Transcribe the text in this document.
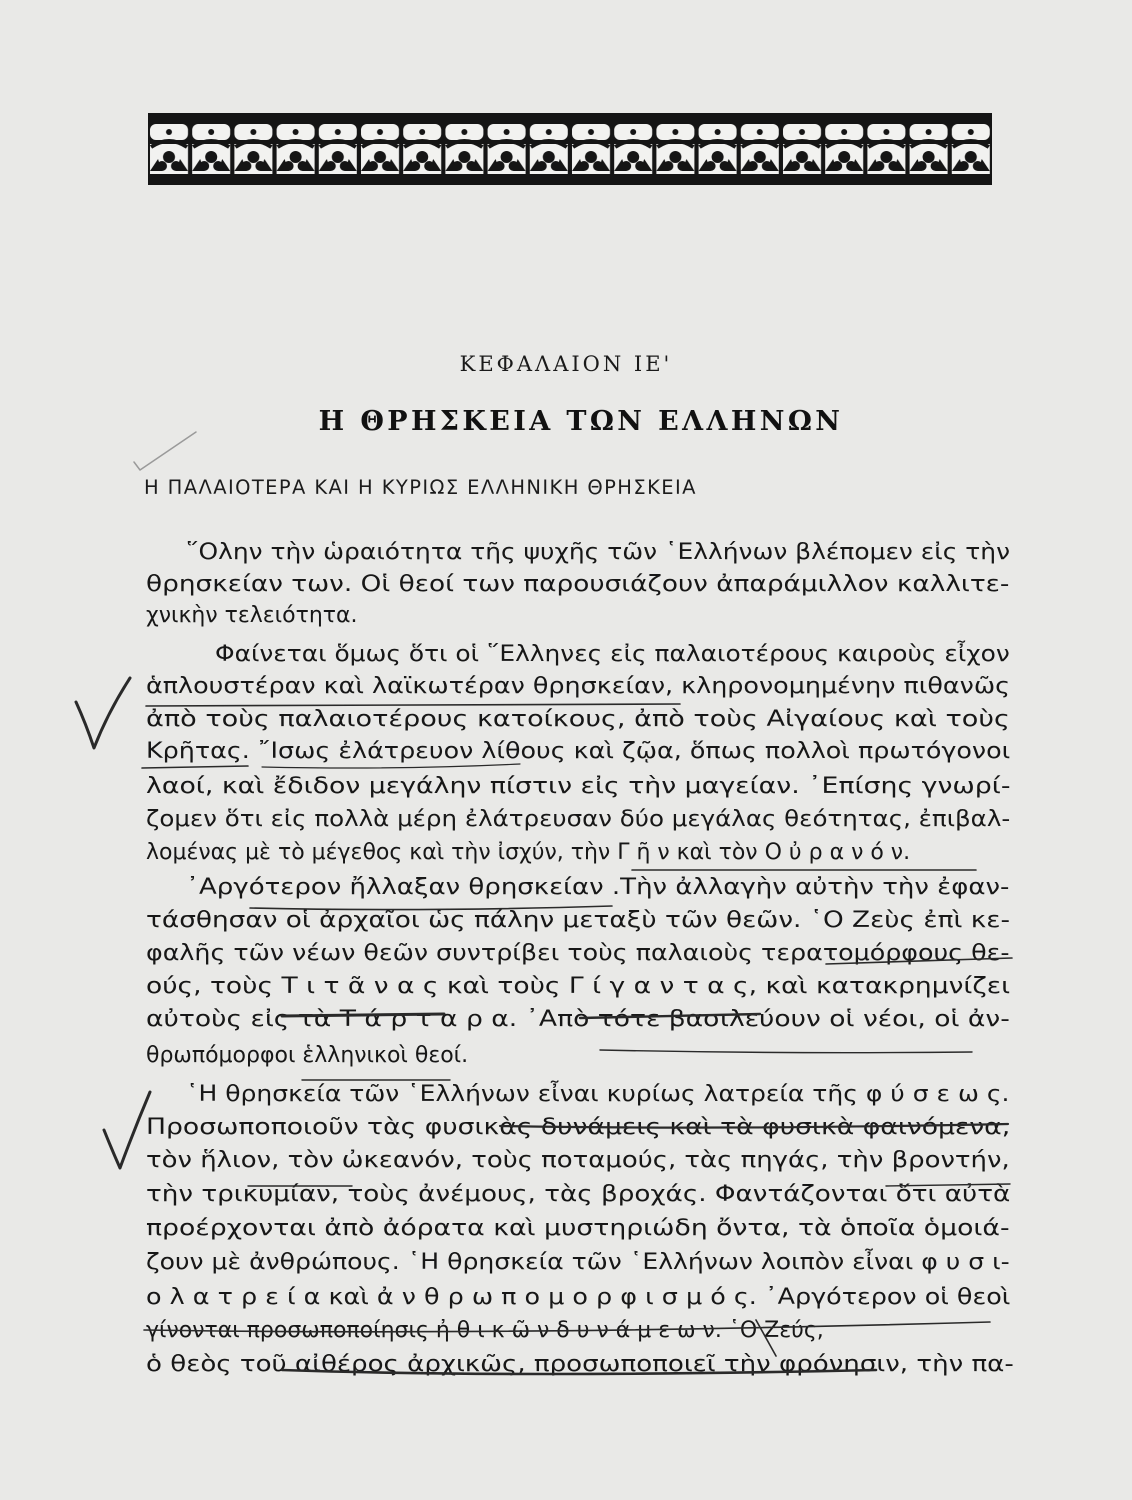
ΚΕΦΑΛΑΙΟΝ ΙΕ'
Η ΘΡΗΣΚΕΙΑ ΤΩΝ ΕΛΛΗΝΩΝ
Η ΠΑΛΑΙΟΤΕΡΑ ΚΑΙ Η ΚΥΡΙΩΣ ΕΛΛΗΝΙΚΗ ΘΡΗΣΚΕΙΑ
῞Ολην τὴν ὡραιότητα τῆς ψυχῆς τῶν ῾Ελλήνων βλέπομεν εἰς τὴν
θρησκείαν των. Οἱ θεοί των παρουσιάζουν ἀπαράμιλλον καλλιτε-
χνικὴν τελειότητα.
Φαίνεται ὅμως ὅτι οἱ ῞Ελληνες εἰς παλαιοτέρους καιροὺς εἶχον
ἁπλουστέραν καὶ λαϊκωτέραν θρησκείαν, κληρονομημένην πιθανῶς
ἀπὸ τοὺς παλαιοτέρους κατοίκους, ἀπὸ τοὺς Αἰγαίους καὶ τοὺς
Κρῆτας. ῎Ισως ἐλάτρευον λίθους καὶ ζῷα, ὅπως πολλοὶ πρωτόγονοι
λαοί, καὶ ἔδιδον μεγάλην πίστιν εἰς τὴν μαγείαν. ᾿Επίσης γνωρί-
ζομεν ὅτι εἰς πολλὰ μέρη ἐλάτρευσαν δύο μεγάλας θεότητας, ἐπιβαλ-
λομένας μὲ τὸ μέγεθος καὶ τὴν ἰσχύν, τὴν Γ ῆ ν καὶ τὸν Ο ὐ ρ α ν ό ν.
᾿Αργότερον ἤλλαξαν θρησκείαν .Τὴν ἀλλαγὴν αὐτὴν τὴν ἐφαν-
τάσθησαν οἱ ἀρχαῖοι ὡς πάλην μεταξὺ τῶν θεῶν. ῾Ο Ζεὺς ἐπὶ κε-
φαλῆς τῶν νέων θεῶν συντρίβει τοὺς παλαιοὺς τερατομόρφους θε-
ούς, τοὺς Τ ι τ ᾶ ν α ς καὶ τοὺς Γ ί γ α ν τ α ς, καὶ κατακρημνίζει
αὐτοὺς εἰς τὰ Τ ά ρ τ α ρ α. ᾿Απὸ τότε βασιλεύουν οἱ νέοι, οἱ ἀν-
θρωπόμορφοι ἑλληνικοὶ θεοί.
῾Η θρησκεία τῶν ῾Ελλήνων εἶναι κυρίως λατρεία τῆς φ ύ σ ε ω ς.
Προσωποποιοῦν τὰς φυσικὰς δυνάμεις καὶ τὰ φυσικὰ φαινόμενα,
τὸν ἥλιον, τὸν ὠκεανόν, τοὺς ποταμούς, τὰς πηγάς, τὴν βροντήν,
τὴν τρικυμίαν, τοὺς ἀνέμους, τὰς βροχάς. Φαντάζονται ὅτι αὐτὰ
προέρχονται ἀπὸ ἀόρατα καὶ μυστηριώδη ὄντα, τὰ ὁποῖα ὁμοιά-
ζουν μὲ ἀνθρώπους. ῾Η θρησκεία τῶν ῾Ελλήνων λοιπὸν εἶναι φ υ σ ι-
ο λ α τ ρ ε ί α καὶ ἀ ν θ ρ ω π ο μ ο ρ φ ι σ μ ό ς. ᾿Αργότερον οἱ θεοὶ
γίνονται προσωποποίησις ἠ θ ι κ ῶ ν δ υ ν ά μ ε ω ν. ῾Ο Ζεύς,
ὁ θεὸς τοῦ αἰθέρος ἀρχικῶς, προσωποποιεῖ τὴν φρόνησιν, τὴν πα-
